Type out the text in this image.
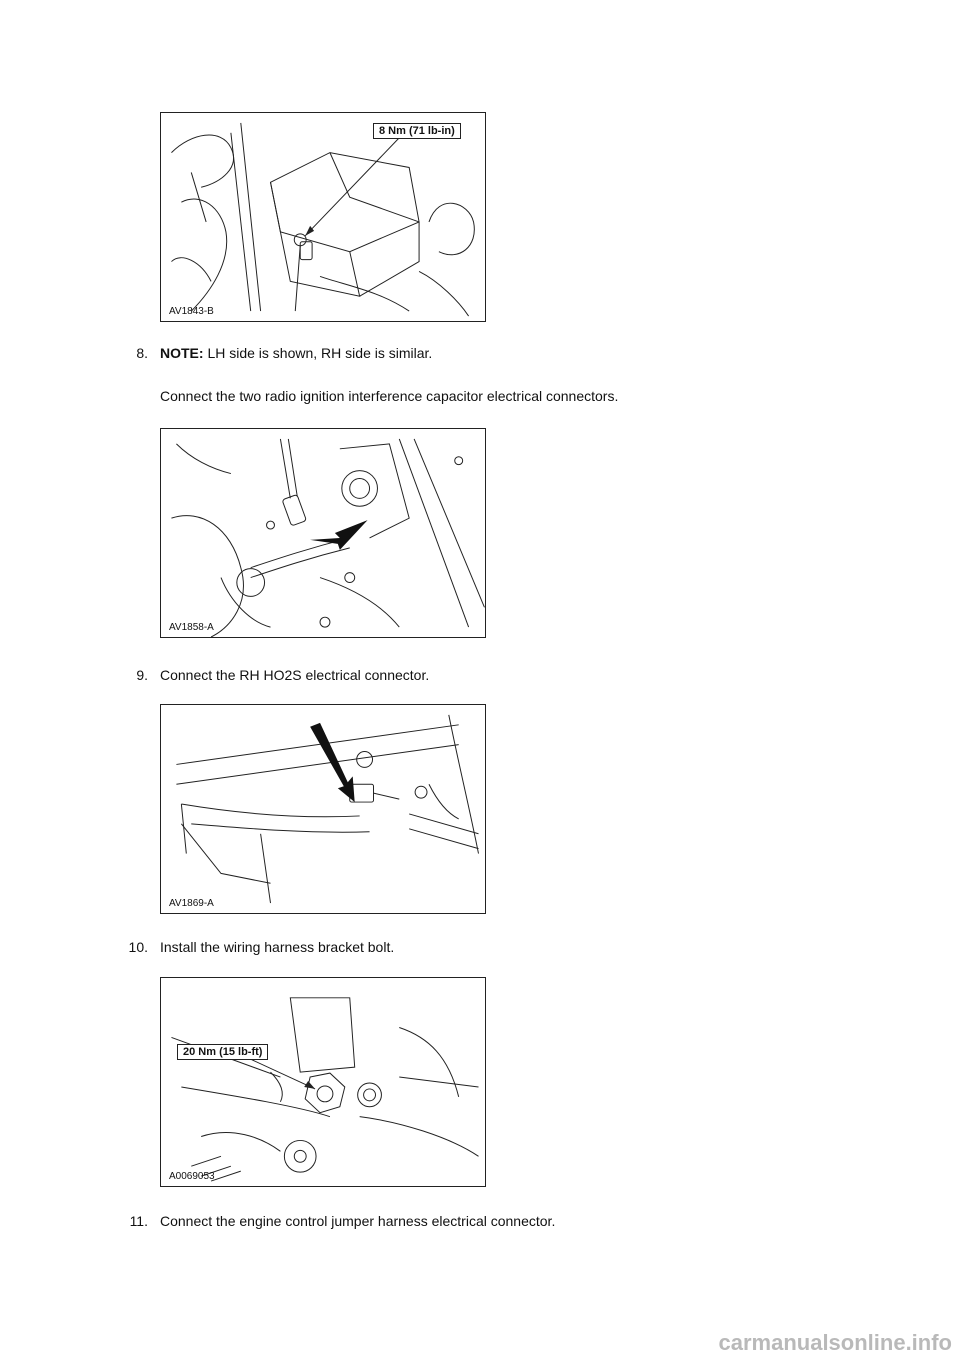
8 Nm (71 lb-in)
AV1843-B
8. NOTE: LH side is shown, RH side is similar.
Connect the two radio ignition interference capacitor electrical connectors.
AV1858-A
9. Connect the RH HO2S electrical connector.
AV1869-A
10. Install the wiring harness bracket bolt.
20 Nm (15 lb-ft)
A0069053
11. Connect the engine control jumper harness electrical connector.
carmanualsonline.info
